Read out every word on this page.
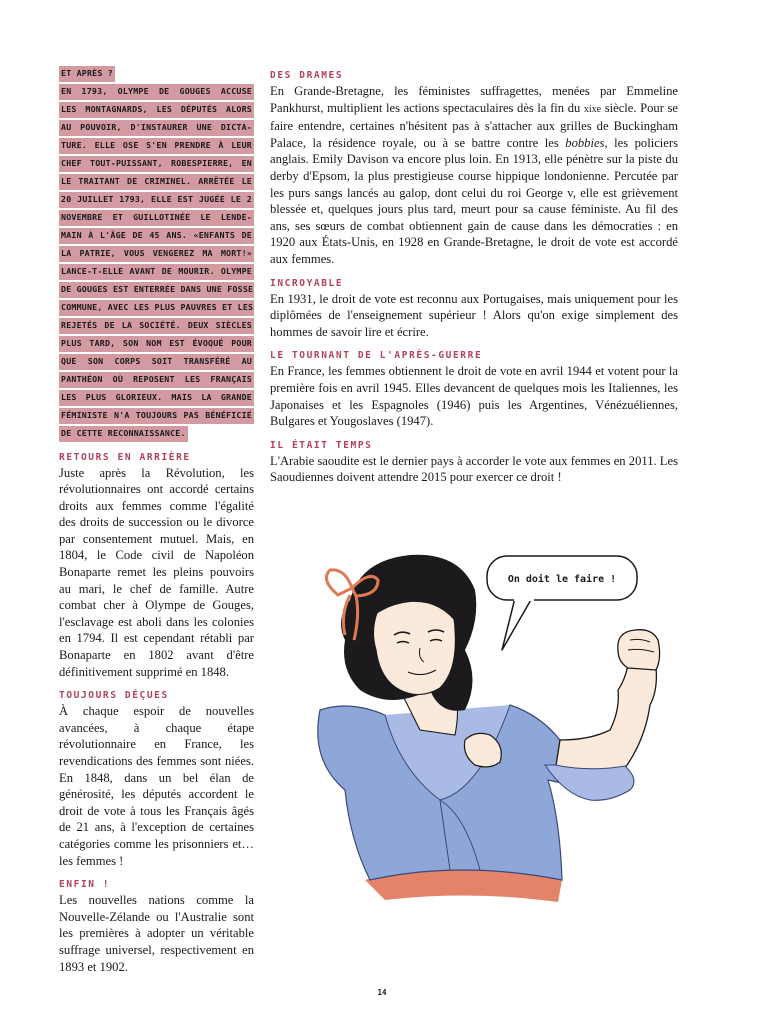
ET APRÈS ?
EN 1793, OLYMPE DE GOUGES ACCUSE
LES MONTAGNARDS, LES DÉPUTÉS ALORS
AU POUVOIR, D'INSTAURER UNE DICTA-
TURE. ELLE OSE S'EN PRENDRE À LEUR
CHEF TOUT-PUISSANT, ROBESPIERRE, EN
LE TRAITANT DE CRIMINEL. ARRÊTÉE LE
20 JUILLET 1793, ELLE EST JUGÉE LE 2
NOVEMBRE ET GUILLOTINÉE LE LENDE-
MAIN À L'ÂGE DE 45 ANS. «ENFANTS DE
LA PATRIE, VOUS VENGEREZ MA MORT!»
LANCE-T-ELLE AVANT DE MOURIR. OLYMPE
DE GOUGES EST ENTERRÉE DANS UNE FOSSE
COMMUNE, AVEC LES PLUS PAUVRES ET LES
REJETÉS DE LA SOCIÉTÉ. DEUX SIÈCLES
PLUS TARD, SON NOM EST ÉVOQUÉ POUR
QUE SON CORPS SOIT TRANSFÉRÉ AU
PANTHÉON OÙ REPOSENT LES FRANÇAIS
LES PLUS GLORIEUX. MAIS LA GRANDE
FÉMINISTE N'A TOUJOURS PAS BÉNÉFICIÉ
DE CETTE RECONNAISSANCE.
RETOURS EN ARRIÈRE

Juste après la Révolution, les révolutionnaires ont accordé certains droits aux femmes comme l'égalité des droits de succession ou le divorce par consentement mutuel. Mais, en 1804, le Code civil de Napoléon Bonaparte remet les pleins pouvoirs au mari, le chef de famille. Autre combat cher à Olympe de Gouges, l'esclavage est aboli dans les colonies en 1794. Il est cependant rétabli par Bonaparte en 1802 avant d'être définitivement supprimé en 1848.

TOUJOURS DÉÇUES

À chaque espoir de nouvelles avancées, à chaque étape révolutionnaire en France, les revendications des femmes sont niées. En 1848, dans un bel élan de générosité, les députés accordent le droit de vote à tous les Français âgés de 21 ans, à l'exception de certaines catégories comme les prisonniers et… les femmes !

ENFIN !

Les nouvelles nations comme la Nouvelle-Zélande ou l'Australie sont les premières à adopter un véritable suffrage universel, respectivement en 1893 et 1902.

DES DRAMES

En Grande-Bretagne, les féministes suffragettes, menées par Emmeline Pankhurst, multiplient les actions spectaculaires dès la fin du xixe siècle. Pour se faire entendre, certaines n'hésitent pas à s'attacher aux grilles de Buckingham Palace, la résidence royale, ou à se battre contre les bobbies, les policiers anglais. Emily Davison va encore plus loin. En 1913, elle pénètre sur la piste du derby d'Epsom, la plus prestigieuse course hippique londonienne. Percutée par les purs sangs lancés au galop, dont celui du roi George v, elle est grièvement blessée et, quelques jours plus tard, meurt pour sa cause féministe. Au fil des ans, ses sœurs de combat obtiennent gain de cause dans les démocraties : en 1920 aux États-Unis, en 1928 en Grande-Bretagne, le droit de vote est accordé aux femmes.

INCROYABLE

En 1931, le droit de vote est reconnu aux Portugaises, mais uniquement pour les diplômées de l'enseignement supérieur ! Alors qu'on exige simplement des hommes de savoir lire et écrire.

LE TOURNANT DE L'APRÈS-GUERRE

En France, les femmes obtiennent le droit de vote en avril 1944 et votent pour la première fois en avril 1945. Elles devancent de quelques mois les Italiennes, les Japonaises et les Espagnoles (1946) puis les Argentines, Vénézuéliennes, Bulgares et Yougoslaves (1947).

IL ÉTAIT TEMPS

L'Arabie saoudite est le dernier pays à accorder le vote aux femmes en 2011. Les Saoudiennes doivent attendre 2015 pour exercer ce droit !

On doit le faire !
14
